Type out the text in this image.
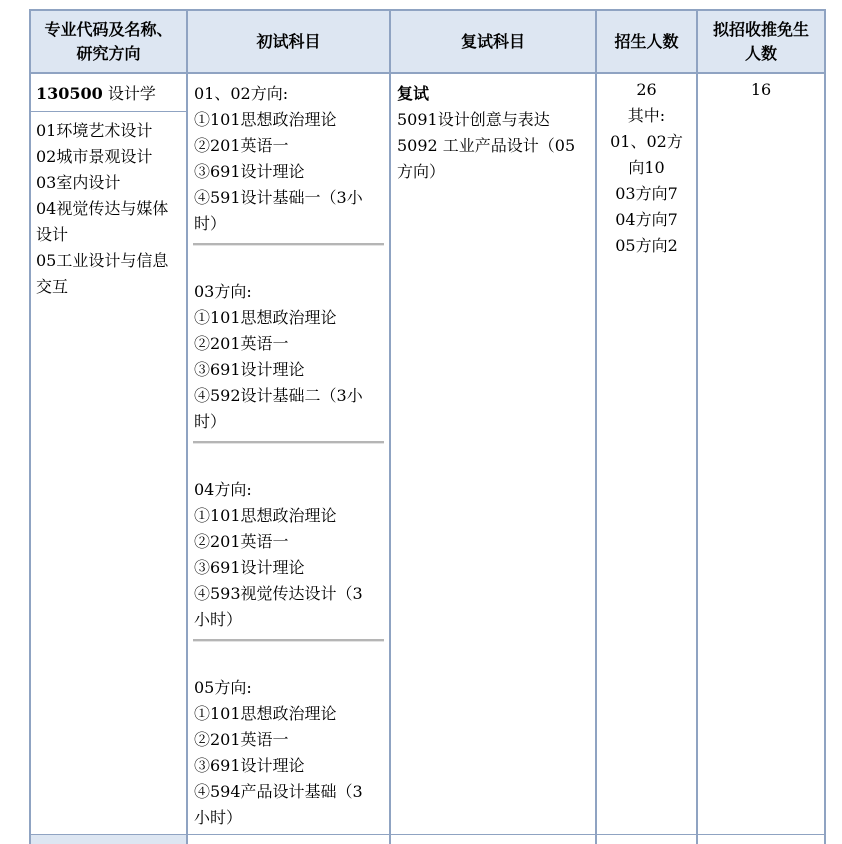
专业代码及名称、
研究方向
初试科目	复试科目	招生人数
拟招收推免生
人数
130500 设计学
01环境艺术设计
02城市景观设计
03室内设计
04视觉传达与媒体
设计
05工业设计与信息
交互
01、02方向:
①101思想政治理论
②201英语一
③691设计理论
④591设计基础一（3小
时）
03方向:
①101思想政治理论
②201英语一
③691设计理论
④592设计基础二（3小
时）
04方向:
①101思想政治理论
②201英语一
③691设计理论
④593视觉传达设计（3
小时）
05方向:
①101思想政治理论
②201英语一
③691设计理论
④594产品设计基础（3
小时）
复试
5091设计创意与表达
5092 工业产品设计（05
方向）
26
其中:
01、02方
向10
03方向7
04方向7
05方向2
16
